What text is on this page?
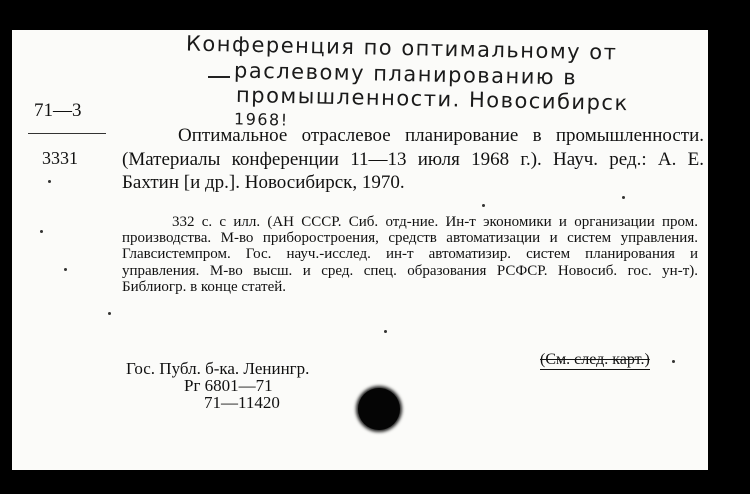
Конференция по оптимальному от
раслевому планированию в
промышленности. Новосибирск
1968!
71—3
3331
Оптимальное отраслевое планирование в промышленности. (Материалы конференции 11—13 июля 1968 г.). Науч. ред.: А. Е. Бахтин [и др.]. Новосибирск, 1970.
332 с. с илл. (АН СССР. Сиб. отд-ние. Ин-т экономики и организации пром. производства. М-во приборостроения, средств автоматизации и систем управления. Главсистемпром. Гос. науч.-исслед. ин-т автоматизир. систем планирования и управления. М-во высш. и сред. спец. образования РСФСР. Новосиб. гос. ун-т). Библиогр. в конце статей.
Гос. Публ. б-ка. Ленингр.
Рг 6801—71
71—11420
(См. след. карт.)
